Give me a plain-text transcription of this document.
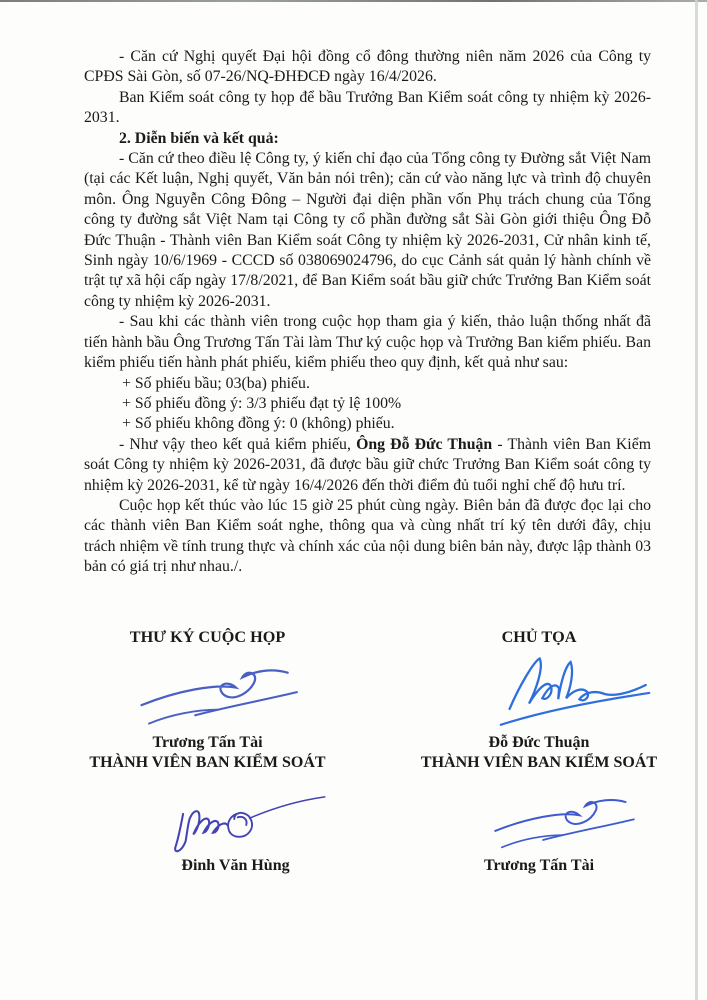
- Căn cứ Nghị quyết Đại hội đồng cổ đông thường niên năm 2026 của Công ty CPĐS Sài Gòn, số 07-26/NQ-ĐHĐCĐ ngày 16/4/2026.

Ban Kiểm soát công ty họp để bầu Trưởng Ban Kiểm soát công ty nhiệm kỳ 2026-2031.

2. Diễn biến và kết quả:

- Căn cứ theo điều lệ Công ty, ý kiến chỉ đạo của Tổng công ty Đường sắt Việt Nam (tại các Kết luận, Nghị quyết, Văn bản nói trên); căn cứ vào năng lực và trình độ chuyên môn. Ông Nguyễn Công Đông – Người đại diện phần vốn Phụ trách chung của Tổng công ty đường sắt Việt Nam tại Công ty cổ phần đường sắt Sài Gòn giới thiệu Ông Đỗ Đức Thuận - Thành viên Ban Kiểm soát Công ty nhiệm kỳ 2026-2031, Cử nhân kinh tế, Sinh ngày 10/6/1969 - CCCD số 038069024796, do cục Cảnh sát quản lý hành chính về trật tự xã hội cấp ngày 17/8/2021, để Ban Kiểm soát bầu giữ chức Trưởng Ban Kiểm soát công ty nhiệm kỳ 2026-2031.

- Sau khi các thành viên trong cuộc họp tham gia ý kiến, thảo luận thống nhất đã tiến hành bầu Ông Trương Tấn Tài làm Thư ký cuộc họp và Trưởng Ban kiểm phiếu. Ban kiểm phiếu tiến hành phát phiếu, kiểm phiếu theo quy định, kết quả như sau:

+ Số phiếu bầu; 03(ba) phiếu.
+ Số phiếu đồng ý: 3/3 phiếu đạt tỷ lệ 100%
+ Số phiếu không đồng ý: 0 (không) phiếu.

- Như vậy theo kết quả kiểm phiếu, Ông Đỗ Đức Thuận - Thành viên Ban Kiểm soát Công ty nhiệm kỳ 2026-2031, đã được bầu giữ chức Trưởng Ban Kiểm soát công ty nhiệm kỳ 2026-2031, kể từ ngày 16/4/2026 đến thời điểm đủ tuổi nghỉ chế độ hưu trí.

Cuộc họp kết thúc vào lúc 15 giờ 25 phút cùng ngày. Biên bản đã được đọc lại cho các thành viên Ban Kiểm soát nghe, thông qua và cùng nhất trí ký tên dưới đây, chịu trách nhiệm về tính trung thực và chính xác của nội dung biên bản này, được lập thành 03 bản có giá trị như nhau./.

THƯ KÝ CUỘC HỌP
Trương Tấn Tài
THÀNH VIÊN BAN KIỂM SOÁT
Đinh Văn Hùng
CHỦ TỌA
Đỗ Đức Thuận
THÀNH VIÊN BAN KIỂM SOÁT
Trương Tấn Tài
